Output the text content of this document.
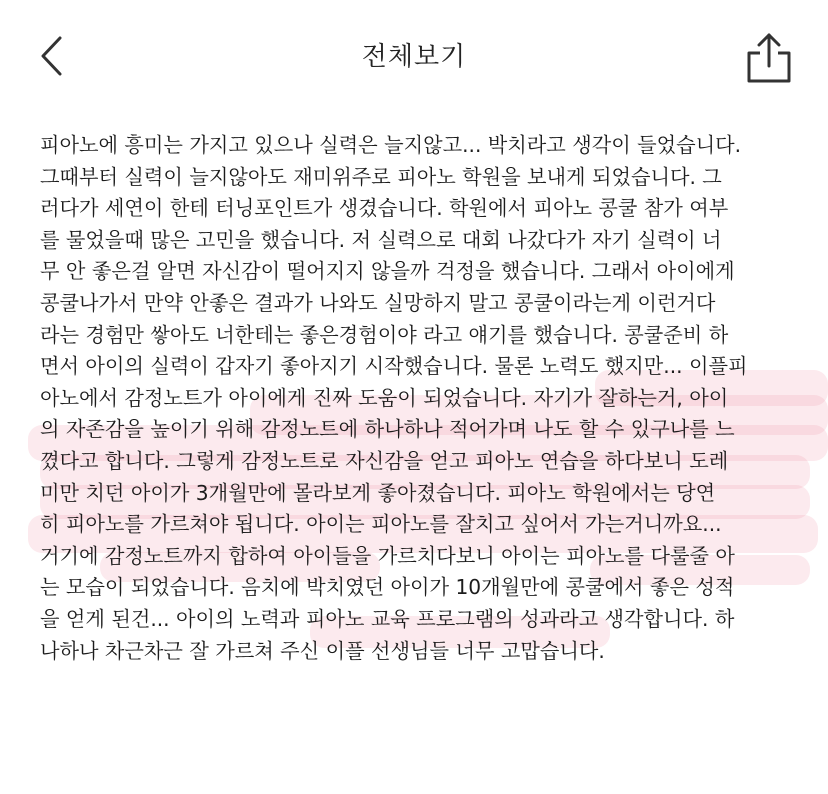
전체보기
피아노에 흥미는 가지고 있으나 실력은 늘지않고... 박치라고 생각이 들었습니다.
그때부터 실력이 늘지않아도 재미위주로 피아노 학원을 보내게 되었습니다. 그
러다가 세연이 한테 터닝포인트가 생겼습니다. 학원에서 피아노 콩쿨 참가 여부
를 물었을때 많은 고민을 했습니다. 저 실력으로 대회 나갔다가 자기 실력이 너
무 안 좋은걸 알면 자신감이 떨어지지 않을까 걱정을 했습니다. 그래서 아이에게
콩쿨나가서 만약 안좋은 결과가 나와도 실망하지 말고 콩쿨이라는게 이런거다
라는 경험만 쌓아도 너한테는 좋은경험이야 라고 얘기를 했습니다. 콩쿨준비 하
면서 아이의 실력이 갑자기 좋아지기 시작했습니다. 물론 노력도 했지만... 이플피
아노에서 감정노트가 아이에게 진짜 도움이 되었습니다. 자기가 잘하는거, 아이
의 자존감을 높이기 위해 감정노트에 하나하나 적어가며 나도 할 수 있구나를 느
꼈다고 합니다. 그렇게 감정노트로 자신감을 얻고 피아노 연습을 하다보니 도레
미만 치던 아이가 3개월만에 몰라보게 좋아졌습니다. 피아노 학원에서는 당연
히 피아노를 가르쳐야 됩니다. 아이는 피아노를 잘치고 싶어서 가는거니까요...
거기에 감정노트까지 합하여 아이들을 가르치다보니 아이는 피아노를 다룰줄 아
는 모습이 되었습니다. 음치에 박치였던 아이가 10개월만에 콩쿨에서 좋은 성적
을 얻게 된건... 아이의 노력과 피아노 교육 프로그램의 성과라고 생각합니다. 하
나하나 차근차근 잘 가르쳐 주신 이플 선생님들 너무 고맙습니다.
